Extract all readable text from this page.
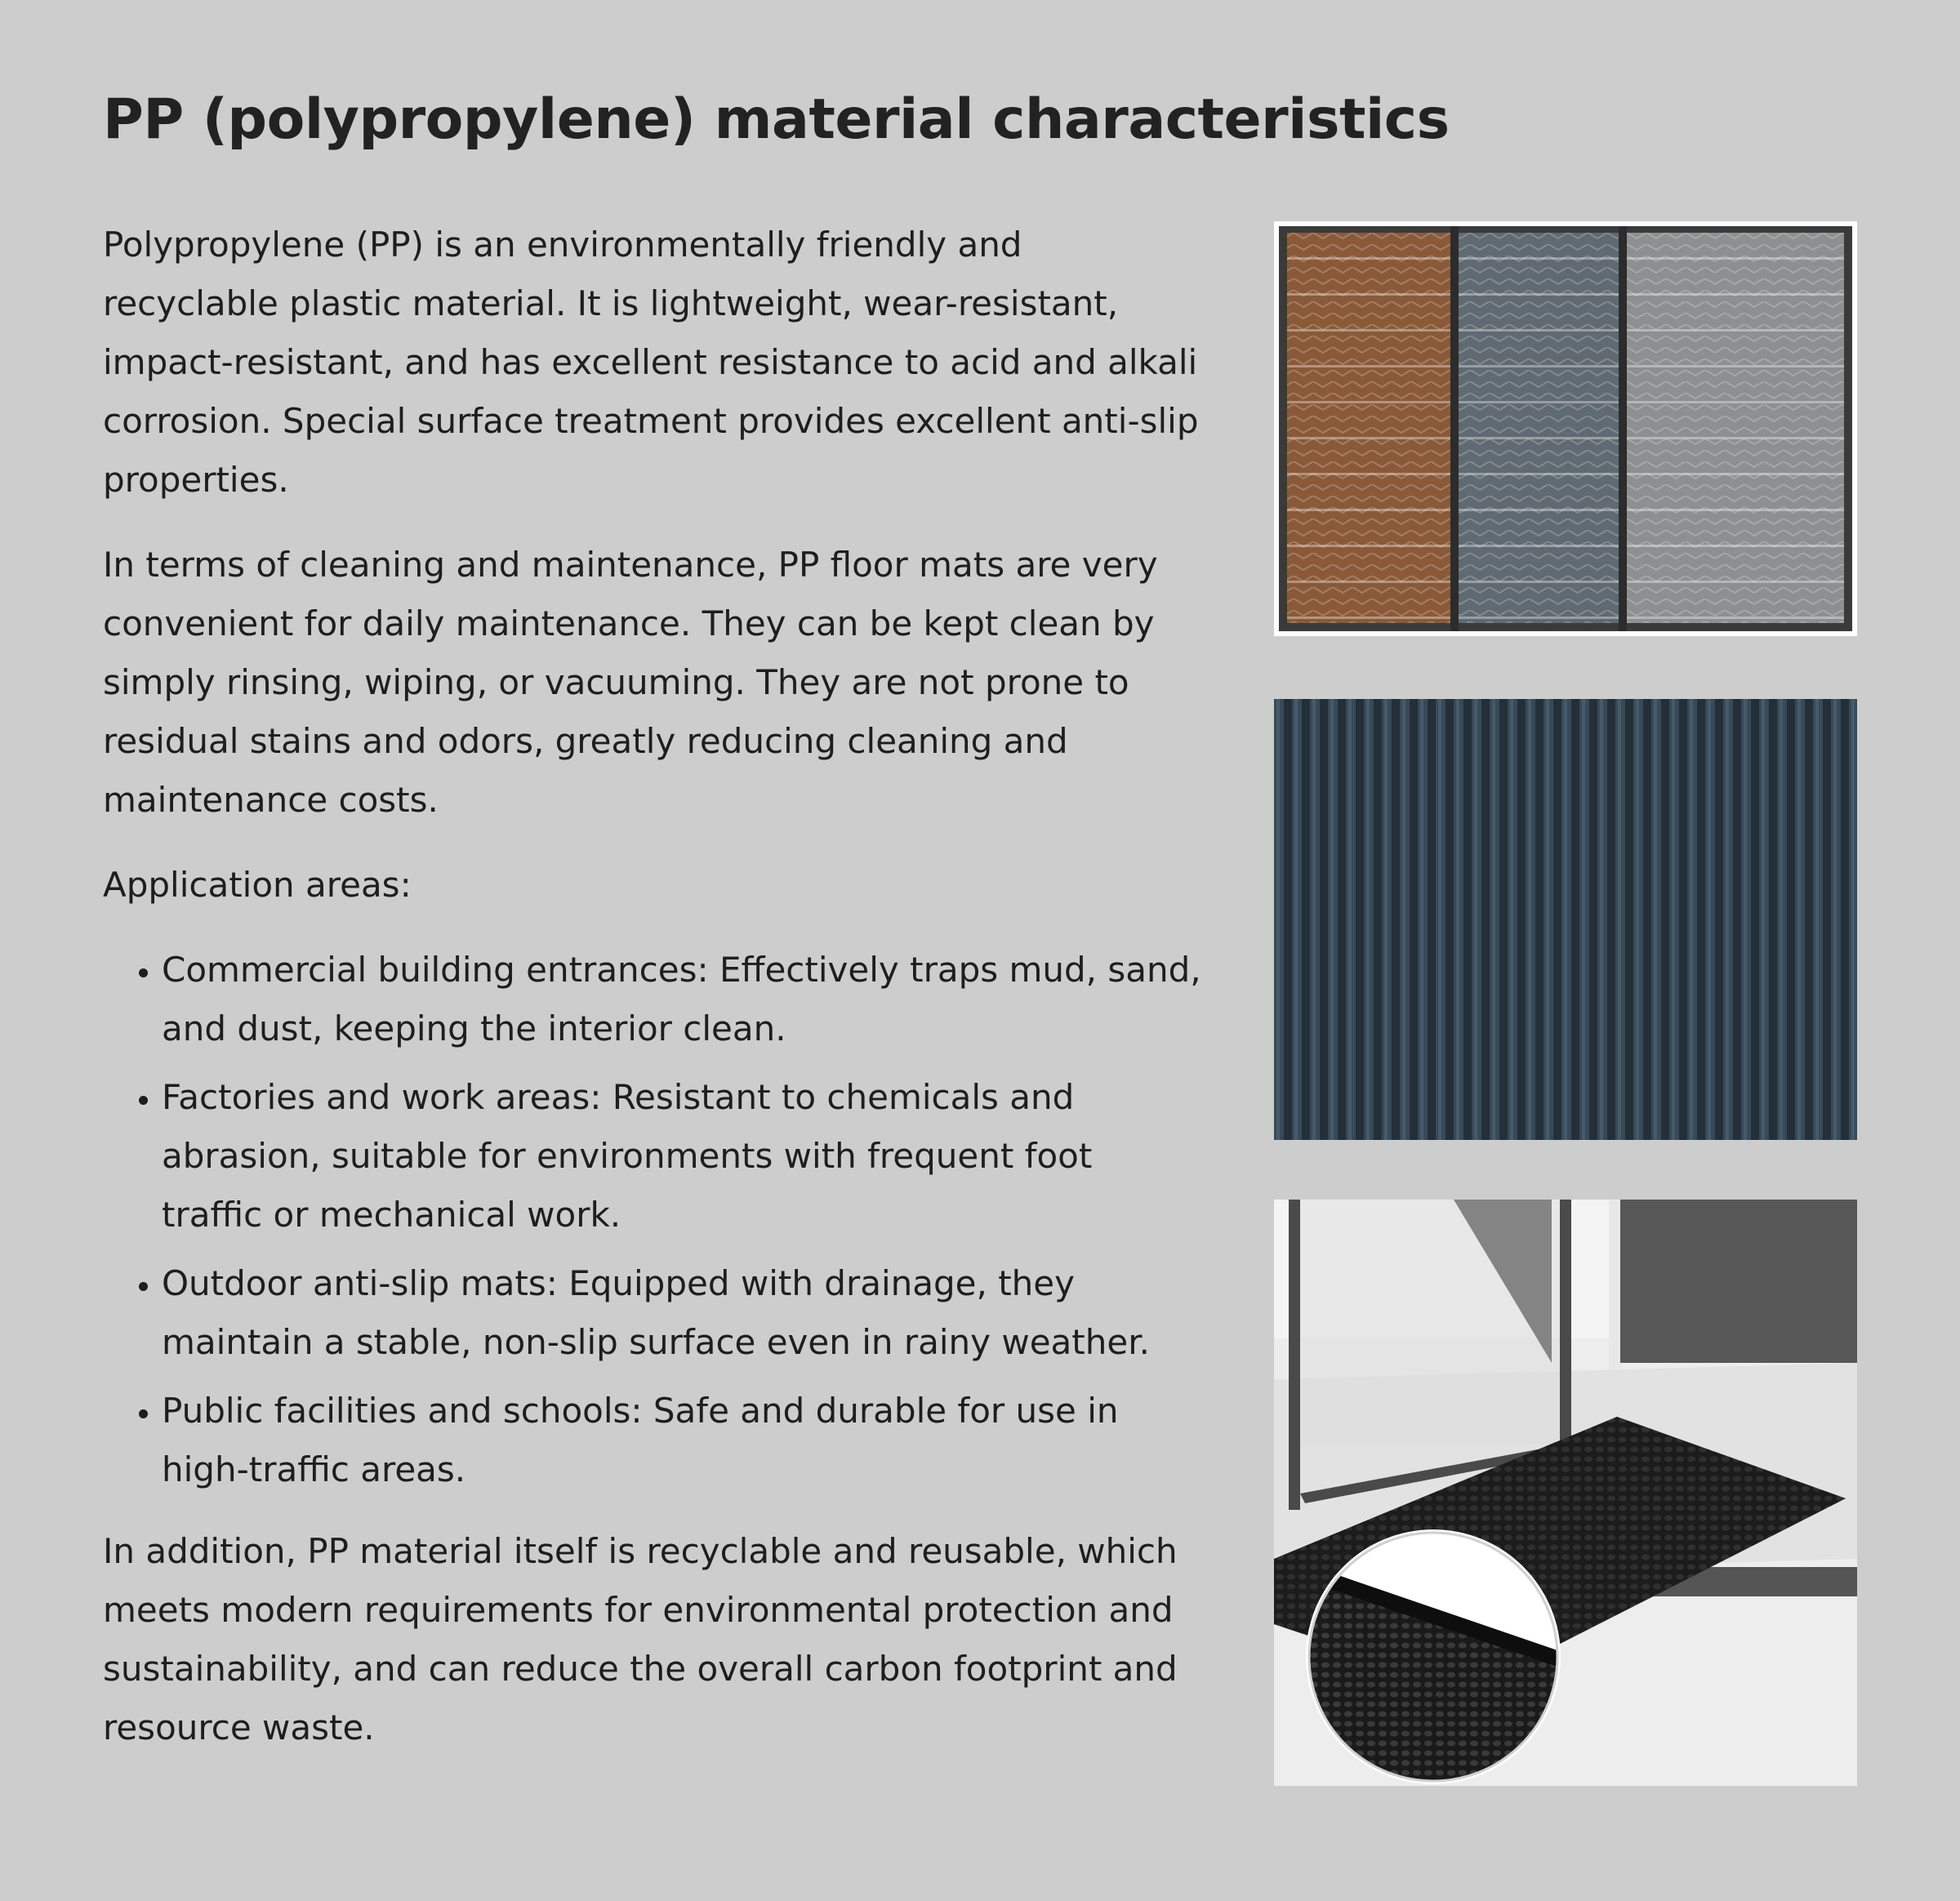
PP (polypropylene) material characteristics

Polypropylene (PP) is an environmentally friendly and recyclable plastic material. It is lightweight, wear-resistant, impact-resistant, and has excellent resistance to acid and alkali corrosion. Special surface treatment provides excellent anti-slip properties.

In terms of cleaning and maintenance, PP floor mats are very convenient for daily maintenance. They can be kept clean by simply rinsing, wiping, or vacuuming. They are not prone to residual stains and odors, greatly reducing cleaning and maintenance costs.

Application areas:

• Commercial building entrances: Effectively traps mud, sand, and dust, keeping the interior clean.
• Factories and work areas: Resistant to chemicals and abrasion, suitable for environments with frequent foot traffic or mechanical work.
• Outdoor anti-slip mats: Equipped with drainage, they maintain a stable, non-slip surface even in rainy weather.
• Public facilities and schools: Safe and durable for use in high-traffic areas.

In addition, PP material itself is recyclable and reusable, which meets modern requirements for environmental protection and sustainability, and can reduce the overall carbon footprint and resource waste.
